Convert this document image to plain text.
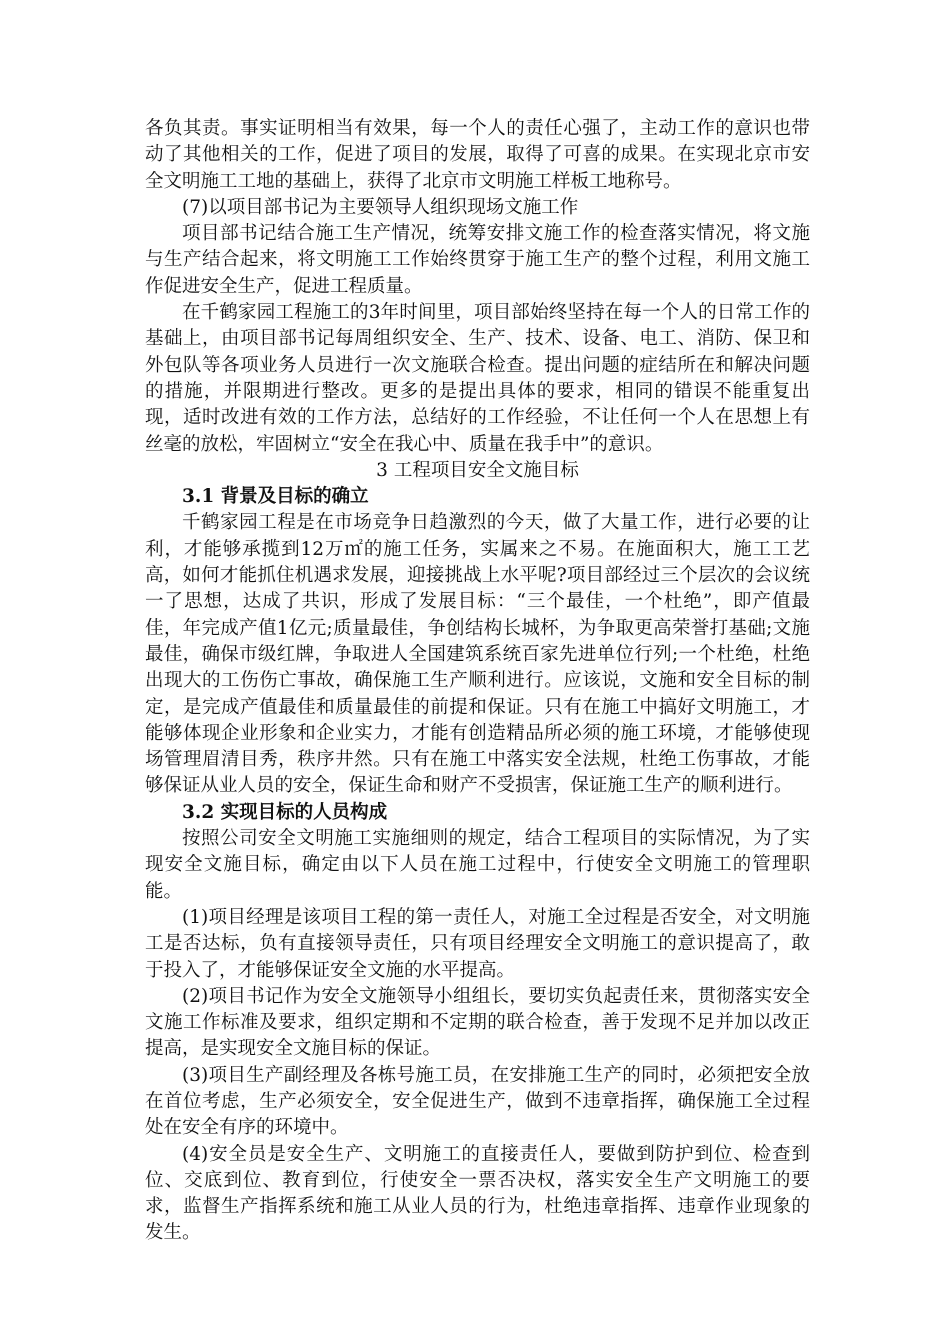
各负其责。事实证明相当有效果，每一个人的责任心强了，主动工作的意识也带动了其他相关的工作，促进了项目的发展，取得了可喜的成果。在实现北京市安全文明施工工地的基础上，获得了北京市文明施工样板工地称号。

(7)以项目部书记为主要领导人组织现场文施工作

项目部书记结合施工生产情况，统筹安排文施工作的检查落实情况，将文施与生产结合起来，将文明施工工作始终贯穿于施工生产的整个过程，利用文施工作促进安全生产，促进工程质量。

在千鹤家园工程施工的3年时间里，项目部始终坚持在每一个人的日常工作的基础上，由项目部书记每周组织安全、生产、技术、设备、电工、消防、保卫和外包队等各项业务人员进行一次文施联合检查。提出问题的症结所在和解决问题的措施，并限期进行整改。更多的是提出具体的要求，相同的错误不能重复出现，适时改进有效的工作方法，总结好的工作经验，不让任何一个人在思想上有丝毫的放松，牢固树立“安全在我心中、质量在我手中”的意识。

3 工程项目安全文施目标

3.1 背景及目标的确立

千鹤家园工程是在市场竞争日趋激烈的今天，做了大量工作，进行必要的让利，才能够承揽到12万㎡的施工任务，实属来之不易。在施面积大，施工工艺高，如何才能抓住机遇求发展，迎接挑战上水平呢?项目部经过三个层次的会议统一了思想，达成了共识，形成了发展目标：“三个最佳，一个杜绝”，即产值最佳，年完成产值1亿元;质量最佳，争创结构长城杯，为争取更高荣誉打基础;文施最佳，确保市级红牌，争取进人全国建筑系统百家先进单位行列;一个杜绝，杜绝出现大的工伤伤亡事故，确保施工生产顺利进行。应该说，文施和安全目标的制定，是完成产值最佳和质量最佳的前提和保证。只有在施工中搞好文明施工，才能够体现企业形象和企业实力，才能有创造精品所必须的施工环境，才能够使现场管理眉清目秀，秩序井然。只有在施工中落实安全法规，杜绝工伤事故，才能够保证从业人员的安全，保证生命和财产不受损害，保证施工生产的顺利进行。

3.2 实现目标的人员构成

按照公司安全文明施工实施细则的规定，结合工程项目的实际情况，为了实现安全文施目标，确定由以下人员在施工过程中，行使安全文明施工的管理职能。

(1)项目经理是该项目工程的第一责任人，对施工全过程是否安全，对文明施工是否达标，负有直接领导责任，只有项目经理安全文明施工的意识提高了，敢于投入了，才能够保证安全文施的水平提高。

(2)项目书记作为安全文施领导小组组长，要切实负起责任来，贯彻落实安全文施工作标准及要求，组织定期和不定期的联合检查，善于发现不足并加以改正提高，是实现安全文施目标的保证。

(3)项目生产副经理及各栋号施工员，在安排施工生产的同时，必须把安全放在首位考虑，生产必须安全，安全促进生产，做到不违章指挥，确保施工全过程处在安全有序的环境中。

(4)安全员是安全生产、文明施工的直接责任人，要做到防护到位、检查到位、交底到位、教育到位，行使安全一票否决权，落实安全生产文明施工的要求，监督生产指挥系统和施工从业人员的行为，杜绝违章指挥、违章作业现象的发生。
